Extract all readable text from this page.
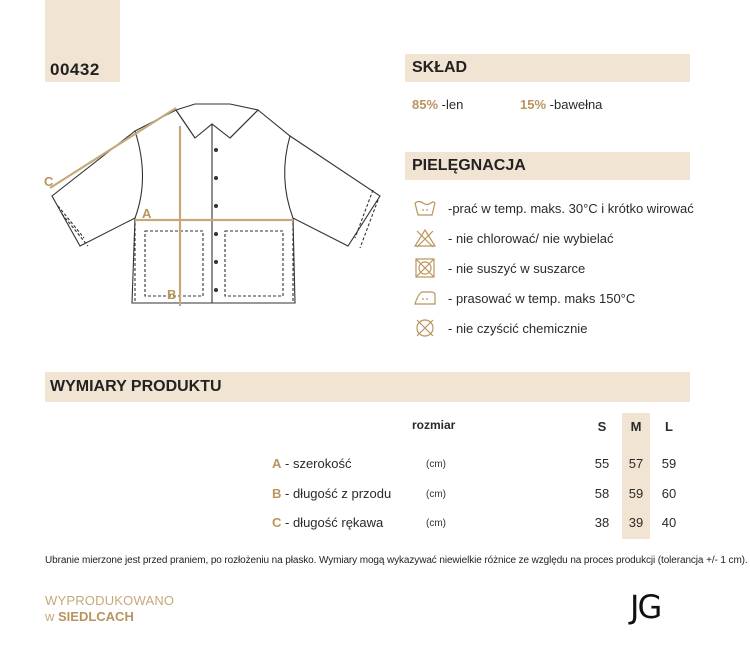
00432
C
A
B
SKŁAD
85% -len	15% -bawełna
PIELĘGNACJA
-prać w temp. maks. 30°C i krótko wirować
- nie chlorować/ nie wybielać
- nie suszyć w suszarce
- prasować w temp. maks 150°C
- nie czyścić chemicznie
WYMIARY PRODUKTU
rozmiar	S	M	L
A - szerokość	(cm)	55	57	59
B - długość z przodu	(cm)	58	59	60
C - długość rękawa	(cm)	38	39	40
Ubranie mierzone jest przed praniem, po rozłożeniu na płasko. Wymiary mogą wykazywać niewielkie różnice ze względu na proces produkcji (tolerancja +/- 1 cm).
WYPRODUKOWANO
w SIEDLCACH	JG
